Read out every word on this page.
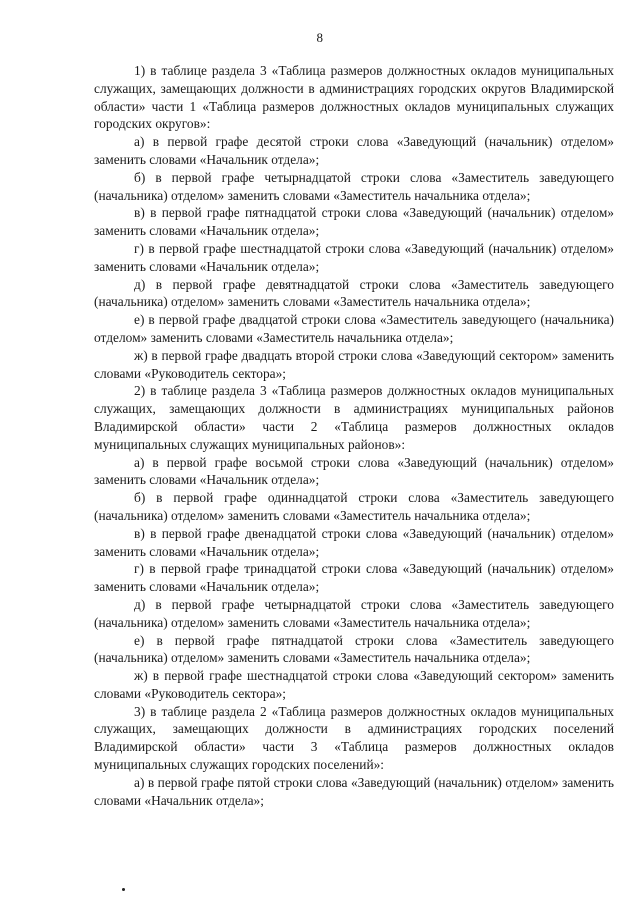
8

1) в таблице раздела 3 «Таблица размеров должностных окладов муниципальных служащих, замещающих должности в администрациях городских округов Владимирской области» части 1 «Таблица размеров должностных окладов муниципальных служащих городских округов»:

а) в первой графе десятой строки слова «Заведующий (начальник) отделом» заменить словами «Начальник отдела»;

б) в первой графе четырнадцатой строки слова «Заместитель заведующего (начальника) отделом» заменить словами «Заместитель начальника отдела»;

в) в первой графе пятнадцатой строки слова «Заведующий (начальник) отделом» заменить словами «Начальник отдела»;

г) в первой графе шестнадцатой строки слова «Заведующий (начальник) отделом» заменить словами «Начальник отдела»;

д) в первой графе девятнадцатой строки слова «Заместитель заведующего (начальника) отделом» заменить словами «Заместитель начальника отдела»;

е) в первой графе двадцатой строки слова «Заместитель заведующего (начальника) отделом» заменить словами «Заместитель начальника отдела»;

ж) в первой графе двадцать второй строки слова «Заведующий сектором» заменить словами «Руководитель сектора»;

2) в таблице раздела 3 «Таблица размеров должностных окладов муниципальных служащих, замещающих должности в администрациях муниципальных районов Владимирской области» части 2 «Таблица размеров должностных окладов муниципальных служащих муниципальных районов»:

а) в первой графе восьмой строки слова «Заведующий (начальник) отделом» заменить словами «Начальник отдела»;

б) в первой графе одиннадцатой строки слова «Заместитель заведующего (начальника) отделом» заменить словами «Заместитель начальника отдела»;

в) в первой графе двенадцатой строки слова «Заведующий (начальник) отделом» заменить словами «Начальник отдела»;

г) в первой графе тринадцатой строки слова «Заведующий (начальник) отделом» заменить словами «Начальник отдела»;

д) в первой графе четырнадцатой строки слова «Заместитель заведующего (начальника) отделом» заменить словами «Заместитель начальника отдела»;

е) в первой графе пятнадцатой строки слова «Заместитель заведующего (начальника) отделом» заменить словами «Заместитель начальника отдела»;

ж) в первой графе шестнадцатой строки слова «Заведующий сектором» заменить словами «Руководитель сектора»;

3) в таблице раздела 2 «Таблица размеров должностных окладов муниципальных служащих, замещающих должности в администрациях городских поселений Владимирской области» части 3 «Таблица размеров должностных окладов муниципальных служащих городских поселений»:

а) в первой графе пятой строки слова «Заведующий (начальник) отделом» заменить словами «Начальник отдела»;
